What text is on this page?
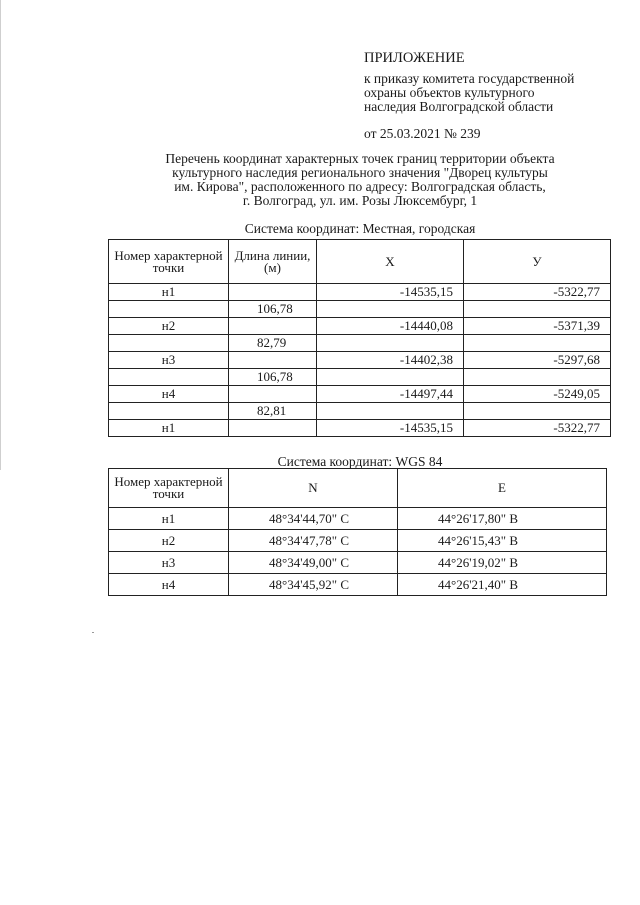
ПРИЛОЖЕНИЕ
к приказу комитета государственной
охраны объектов культурного
наследия Волгоградской области
от 25.03.2021 № 239
Перечень координат характерных точек границ территории объекта
культурного наследия регионального значения "Дворец культуры
им. Кирова", расположенного по адресу: Волгоградская область,
г. Волгоград, ул. им. Розы Люксембург, 1
Система координат: Местная, городская
Номер характерной точки	Длина линии, (м)	X	У
н1		-14535,15	-5322,77
	106,78		
н2		-14440,08	-5371,39
	82,79		
н3		-14402,38	-5297,68
	106,78		
н4		-14497,44	-5249,05
	82,81		
н1		-14535,15	-5322,77
Система координат: WGS 84
Номер характерной точки	N	E
н1	48°34'44,70" С	44°26'17,80" В
н2	48°34'47,78" С	44°26'15,43" В
н3	48°34'49,00" С	44°26'19,02" В
н4	48°34'45,92" С	44°26'21,40" В
